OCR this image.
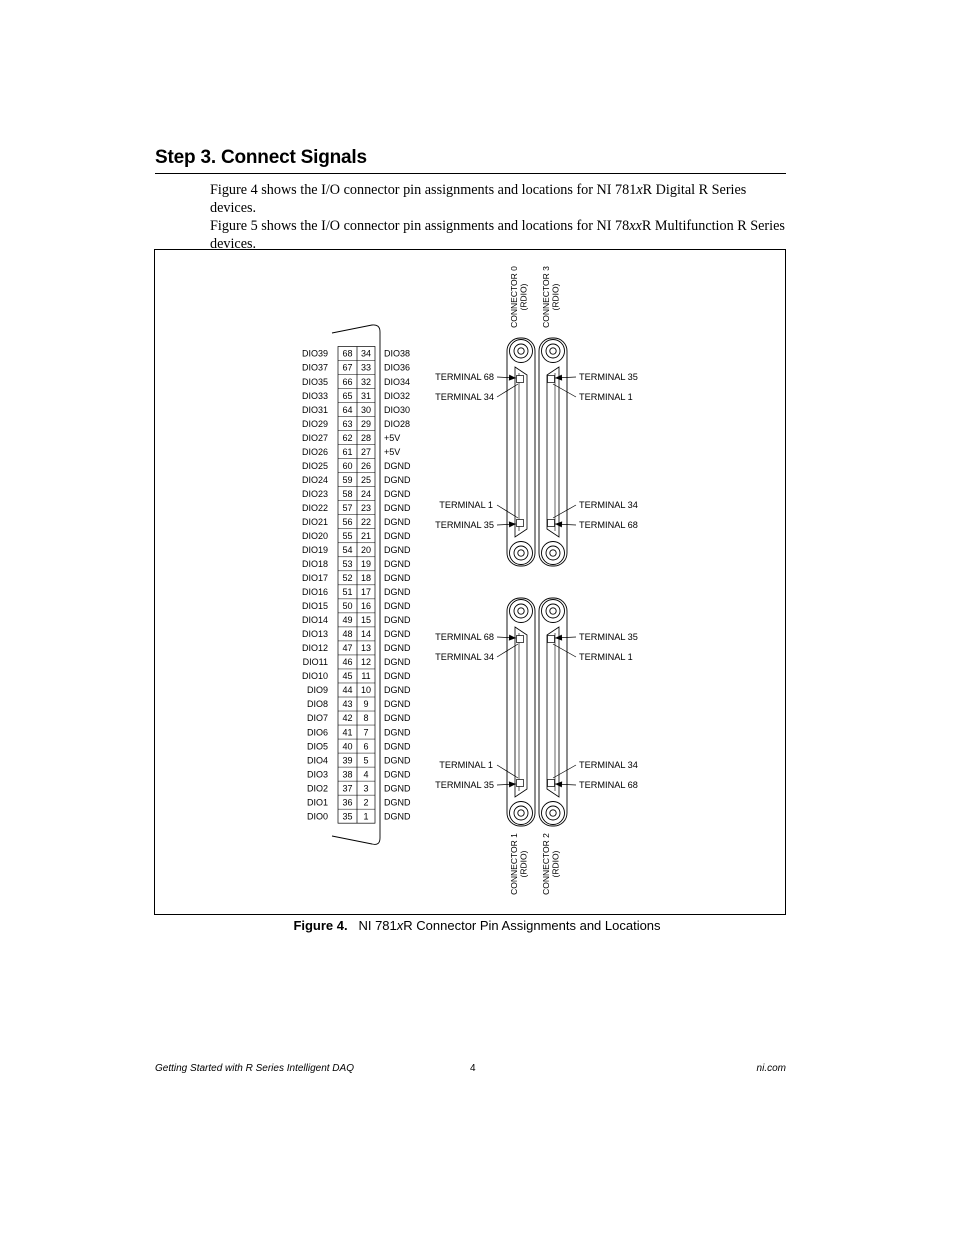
Step 3. Connect Signals

Figure 4 shows the I/O connector pin assignments and locations for NI 781xR Digital R Series devices.
Figure 5 shows the I/O connector pin assignments and locations for NI 78xxR Multifunction R Series
devices.

DIO39 68 34 DIO38
DIO37 67 33 DIO36
DIO35 66 32 DIO34
DIO33 65 31 DIO32
DIO31 64 30 DIO30
DIO29 63 29 DIO28
DIO27 62 28 +5V
DIO26 61 27 +5V
DIO25 60 26 DGND
DIO24 59 25 DGND
DIO23 58 24 DGND
DIO22 57 23 DGND
DIO21 56 22 DGND
DIO20 55 21 DGND
DIO19 54 20 DGND
DIO18 53 19 DGND
DIO17 52 18 DGND
DIO16 51 17 DGND
DIO15 50 16 DGND
DIO14 49 15 DGND
DIO13 48 14 DGND
DIO12 47 13 DGND
DIO11 46 12 DGND
DIO10 45 11 DGND
DIO9 44 10 DGND
DIO8 43 9 DGND
DIO7 42 8 DGND
DIO6 41 7 DGND
DIO5 40 6 DGND
DIO4 39 5 DGND
DIO3 38 4 DGND
DIO2 37 3 DGND
DIO1 36 2 DGND
DIO0 35 1 DGND
CONNECTOR 0 (RDIO)
TERMINAL 68
TERMINAL 34
TERMINAL 1
TERMINAL 35
CONNECTOR 3 (RDIO)
TERMINAL 35
TERMINAL 1
TERMINAL 34
TERMINAL 68
CONNECTOR 1 (RDIO)
TERMINAL 68
TERMINAL 34
TERMINAL 1
TERMINAL 35
CONNECTOR 2 (RDIO)
TERMINAL 35
TERMINAL 1
TERMINAL 34
TERMINAL 68
Figure 4. NI 781xR Connector Pin Assignments and Locations
Getting Started with R Series Intelligent DAQ	4	ni.com
